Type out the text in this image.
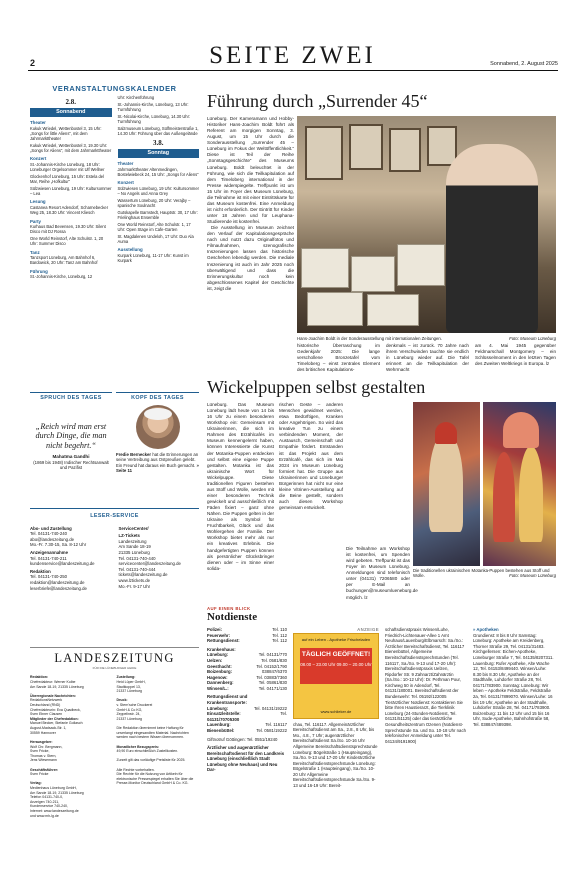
SEITE ZWEI
2	Sonnabend, 2. August 2025
VERANSTALTUNGSKALENDER
2.8.
Sonnabend
Theater
Kukuk Wriedel, Wettenbostel 3, 15 Uhr: „Songs for little Aliens“, mit dem Jahrmarkttheater
Kukuk Wriedel, Wettenbostel 3, 19.30 Uhr: „Songs for Aliens“, mit dem Jahrmarkttheater
Konzert
St.-Johannis-Kirche Lüneburg, 18 Uhr: Lüneburger Orgelsommer mit Ulf Wellner
Glockenhof Lüneburg, 15 Uhr: Estela del Mar, Reihe „Hofkultur“
Sülzwiesen Lüneburg, 19 Uhr: Kultursommer – Lea
Lesung
Castanea Resort Adendorf, Scharnebecker Weg 25, 18.30 Uhr: Vincent Kliesch
Party
Kurhaus Bad Bevensen, 19.30 Uhr: Silent Disco mit DJ Rossa
One World Reinstorf, Alte Schulstr. 1, 20 Uhr: Summer Disco
Tanz
Tanzsport Lüneburg, Am Bahnhof 6, Bardowick, 20 Uhr: Tanz am Bahnhof
Führung
St.-Johannis-Kirche, Lüneburg, 12
Uhr: Kirchenführung
St.-Johannis-Kirche, Lüneburg, 13 Uhr: Turmführung
St.-Nicolai-Kirche, Lüneburg, 14.30 Uhr: Turmführung
Salzmuseum Lüneburg, Sülfmeisterstraße 1, 14.30 Uhr: Führung über das Außengelände
3.8.
Sonntag
Theater
Jahrmarkttheater Altenmedingen, Bostelwiebeck 24, 15 Uhr: „Songs for Aliens“
Konzert
Sülzwiesen Lüneburg, 19 Uhr: Kultursommer – No Angels und Anna Grey
Wassertum Lüneburg, 20 Uhr: Verajby – spanische Soulnacht
Gutskapelle Barnstedt, Hauptstr. 30, 17 Uhr: Frielinghaus Ensemble
One World Reinstorf, Alte Schulstr. 1, 17 Uhr: Open Stage im Cafe-Garten
St. Magdalenen Undeloh, 17 Uhr: Duo Ala Auma
Ausstellung
Kurpark Lüneburg, 11-17 Uhr: Kunst im Kurpark
SPRUCH DES TAGES

„Reich wird man erst durch Dinge, die man nicht begehrt.“
Mahatma Gandhi
(1869 bis 1948) Indischer Rechtsanwalt und Pazifist
KOPF DES TAGES
Fredie Bernecker hat die Erinnerungen an seine Vertreibung aus Ostpreußen gelebt. Ein Freund hat daraus ein Buch gemacht. » Seite 11
LESER-SERVICE
Abo- und Zustellung
Tel. 04131-740-240
abo@landeszeitung.de
Mo.-Fr. 7.30-15, Sa. 8-12 Uhr
Anzeigenannahme
Tel. 04131-740-211
kundenservice@landeszeitung.de
Redaktion
Tel. 04131-740-250
redaktion@landeszeitung.de
leserbriefe@landeszeitung.de
ServiceCenter/
LZ-Tickets
Landeszeitung
Am Sande 18-19
21335 Lüneburg
Tel. 04131-740-440
servicecenter@landeszeitung.de
Tel. 04131-740-444
tickets@landeszeitung.de
www.lztickets.de
Mo.-Fr. 9-17 Uhr
LANDESZEITUNG
FÜR DIE LÜNEBURGER HEIDE
Redaktion:
Chefredakteur: Werner Kolbe
Am Sande 18-19, 21335 Lüneburg

Überregionale Nachrichten:
RedaktionsNetzwerk
Deutschland (RND)
Chefredakteurin: Eva Quadbeck,
Sven Ebner Clausen
Mitglieder der Chefredaktion:
Manuel Becker, Stefanie Gollasch
August-Madsack-Str. 1,
30559 Hannover

Herausgeber:
Wolf Chr. Bergmann,
Sven Fricke,
Thomas v. Stern,
Jens Wiesemann

Geschäftsführer:
Sven Fricke

Verlag:
Medienhaus Lüneburg GmbH,
Am Sande 18-19, 21335 Lüneburg
Telefon 04131-740-0,
Anzeigen 740-211,
Kundenservice 740-240,
Internet: www.landeszeitung.de
und www.mh-lg.de
Zustellung:
Heid Lüper GmbH,
Stadtkoppel 13,
21337 Lüneburg

Druck:
v. Stern'sche Druckerei
GmbH & Co KG,
Zeppelinstr. 24,
21337 Lüneburg

Die Redaktion übernimmt keine Haftung für unverlangt eingesandten Material. Nachrichten werden nach bestem Wissen übernommen.

Monatlicher Bezugspreis:
49,90 Euro einschließlich Zustellkosten.

Zurzeit gilt das vorläufige Preisliste für 2025.

Alle Rechte vorbehalten.
Die Rechte für die Nutzung von Artikeln für elektronische Pressespiegel erhalten Sie über die Presse-Monitor Deutschland GmbH & Co. KG.
Führung durch „Surrender 45“

Lüneburg. Der Kameramann und Hobby-Historiker Hans-Joachim Boldt führt als Referent am morgigen Sonntag, 3. August, um 15 Uhr durch die Sonderausstellung „Surrender 45 – Lüneburg im Fokus der Weltöffentlichkeit.“ Diese ist Teil der Reihe „Sonntagsgeschichte“ des Museums Lüneburg. Boldt beleuchtet in der Führung, wie sich die Teilkapitulation auf dem Timeloberg international in der Presse widerspiegelte. Treffpunkt ist um 15 Uhr im Foyer des Museum Lüneburg, die Teilnahme ist mit einer Eintrittskarte für das Museum kostenfrei. Eine Anmeldung ist nicht erforderlich. Der Eintritt für Kinder unter 18 Jahren und für Leuphana-Studierende ist kostenfrei.

Die Ausstellung im Museum zeichnet den Verlauf der Kapitulationsgespräche nach und nutzt dazu Originalfotos und Filmaufnahmen, szenografische Inszenierungen lassen das historische Geschehen lebendig werden. Die mediale Inszenierung ist auch im Jahr 2025 noch überwältigend und dass die Erinnerungskultur noch kein abgeschlossenes Kapitel der Geschichte ist, zeigt die

Hans-Joachim Boldt in der Sonderausstellung mit internationalen Zeitungen.	Foto: Museum Lüneburg
historische Überraschung im Gedenkjahr 2025: Die lange verschollene Bronzetafel vom Timeloberg – einst zentrales Element des britischen Kapitulations-
denkmals – ist zurück. 70 Jahre nach ihrem Verschwinden tauchte sie endlich in Lüneburg wieder auf. Die Tafel erinnert an die Teilkapitulation der Wehrmacht
am 4. Mai 1945 gegenüber Feldmarschall Montgomery – ein Schlüsselmoment in den letzten Tagen des Zweiten Weltkriegs in Europa. lz
Wickelpuppen selbst gestalten
Lüneburg. Das Museum Lüneburg lädt heute von 14 bis 16 Uhr zu einem besonderen Workshop ein: Gemeinsam mit Ukrainerinnen, die sich im Rahmen des Erzählcafés im Museum kennengelernt haben, können Interessierte die Kunst der Motanka-Puppen entdecken und selbst eine eigene Puppe gestalten. Motanka ist das ukrainische Wort für Wickelpuppe. Diese traditionellen Figuren bestehen aus Stoff und Wolle, werden mit einer besonderen Technik gewickelt und ausschließlich mit Fäden fixiert – ganz ohne Nähen. Die Puppen gelten in der Ukraine als Symbol für Fruchtbarkeit, Glück und das Wohlergehen der Familie. Der Workshop bietet mehr als nur ein kreatives Erlebnis. Die handgefertigten Puppen können als persönlicher Glücksbringer dienen oder – im Sinne einer solida-
rischen Geste – anderen Menschen gewidmet werden, etwa Bedürftigen, Kranken oder Angehörigen. So wird das kreative Tun zu einem verbindenden Moment, der Austausch, Gemeinschaft und Empathie fördert. Entstanden ist das Projekt aus dem Erzählcafé, das sich im Mai 2024 im Museum Lüneburg formiert hat. Die Gruppe aus Ukrainerinnen und Lüneburger Bürgerinnen hat nicht nur eine kleine Vitrinen-Ausstellung auf die Beine gestellt, sondern auch diesen Workshop gemeinsam entwickelt.
Die Teilnahme am Workshop ist kostenfrei, um Spenden wird gebeten. Treffpunkt ist das Foyer im Museum Lüneburg. Anmeldungen sind telefonisch unter (04131) 7206580 oder per E-Mail an buchungen@museumlueneburg.de möglich. lz
Die traditionellen ukrainischen Motanka-Puppen bestehen aus Stoff und Wolle.	Foto: Museum Lüneburg
AUF EINEN BLICK
Notdienste
Polizei:	Tel. 110
Feuerwehr:	Tel. 112
Rettungsdienst:	Tel. 112
Krankenhaus:
Lüneburg:	Tel. 04131/770
Uelzen:	Tel. 0581/830
Geesthacht:	Tel. 04152/1790
Boizenburg:	038847/6370
Hagenow:	Tel. 03883/7360
Dannenberg:	Tel. 05861/830
Winsen/L.:	Tel. 04171/130
Rettungsdienst und Krankentransporte:
Lüneburg:	Tel. 04131/19222
Einsatzleitstelle:	Tel.
04131/70705300
Lauenburg:	Tel. 116117
Bienenbüttel:	Tel. 0581/19222
Giftnotruf Göttingen: Tel. 0551/19240
Ärztlicher und augenärztlicher Bereitschaftsdienst für den Landkreis Lüneburg (einschließlich Stadt Lüneburg ohne Neuhaus) und Neu Dar-
ANZEIGE
auf ein Leben - Apotheke Frischeladen
TÄGLICH GEÖFFNET!
08.00 – 23.00 Uhr 09.00 – 20.00 Uhr
www.schlieker.de
chau, Tel. 116117. Allgemeinärztlicher Bereitschaftsdienst am Sa., 2.8., 8 Uhr, bis Mo., 4.8., 7 Uhr; augenärztlicher Bereitschaftsdienst Sa./So. 10-16 Uhr Allgemeine Bereitschaftsdienstsprechstunde Lüneburg: Bögelstraße 1 (Haupteingang), Sa./So. 9-13 und 17-20 Uhr Kinderärztliche Bereitschaftsdienstsprechstunde Lüneburg: Bögelstraße 1 (Haupteingang), Sa./So. 10-20 Uhr Allgemeine Bereitschaftsdienstsprechstunde Sa./So. 9-13 und 16-19 Uhr: Bereit-
schaftsdienstpraxis Winsen/Luhe, Friedrich-Lichtenauer-Allee 1 Amt Neuhaus/Lauenburg/Elbmarsch: Sa./So.: Ärztlicher Bereitschaftsdienst, Tel. 116117 Bienenbüttel, Allgemeine Bereitschaftsdienstsprechstunden (Tel. 116117, Sa./So. 9-13 und 17-20 Uhr): Bereitschaftsdienstpraxis Uelzen, Ripdorfer Str. 9 Zahnarzt/Zahnärztin (Sa./So.: 10-12 Uhr): Dr. Pethman Pour, Kirchweg 50 in Adendorf, Tel. 04131/180001. Bereitschaftsdienst der Bundeswehr: Tel. 05192/122005 Tierärztlicher Notdienst: Kontaktieren Sie bitte Ihren Haustierarzt, die Tierklinik Lüneburg (24-Stunden-Notdienst, Tel. 04131/51125) oder das tierärztliche Gesundheitszentrum Ozenen (Notdienst-Sprechstunde Sa. und So. 10-18 Uhr nach telefonischer Anmeldung unter Tel. 04134/9191900)
» Apotheken
Grundienst: 8 bis 8 Uhr Samstag: Lüneburg: Apotheke am Kreidenberg, Thorner Straße 29, Tel. 04131/31483. Kirchgellersen: Eichen-Apotheke, Lüneburger Straße 7, Tel. 04135/8207311. Lauenburg: Rufer Apotheke, Alte Wache 12, Tel. 04153/8499440. Winsen/Luhe: 8.30 bis 8.30 Uhr, Apotheke an der Stadthalle, Luhdorfer Straße 28, Tel. 04171/783900. Sonntag: Lüneburg: Wir leben – Apotheke Feldstraße, Feldstraße 2a, Tel. 04131/7899070. Winsen/Luhe: 16 bis 19 Uhr, Apotheke an der Stadthalle, Luhdorfer Straße 28, Tel. 04171/783900. Boizenburg: 11 bis 12 Uhr und 15 bis 16 Uhr, Sude-Apotheke, Bahnhofstraße 58, Tel. 038847/489398.
